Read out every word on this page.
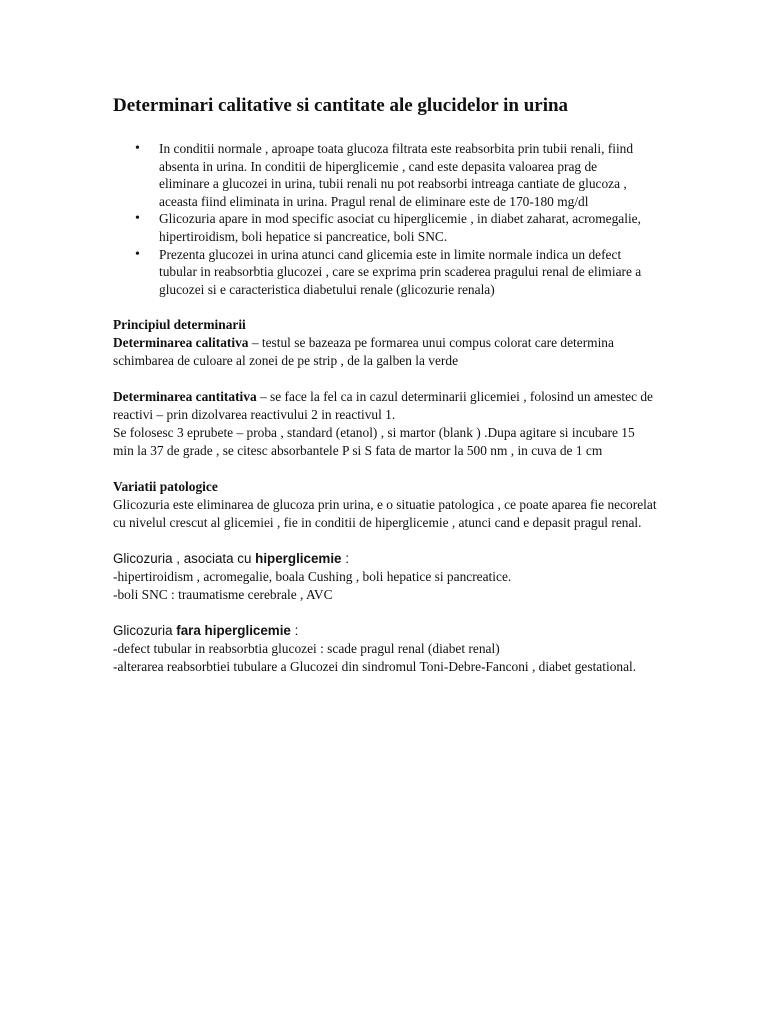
Determinari calitative si cantitate ale glucidelor in urina
• In conditii normale , aproape toata glucoza filtrata este reabsorbita prin tubii renali, fiind absenta in urina. In conditii de hiperglicemie , cand este depasita valoarea prag de eliminare a glucozei in urina, tubii renali nu pot reabsorbi intreaga cantiate de glucoza , aceasta fiind eliminata in urina. Pragul renal de eliminare este de 170-180 mg/dl
• Glicozuria apare in mod specific asociat cu hiperglicemie , in diabet zaharat, acromegalie, hipertiroidism, boli hepatice si pancreatice, boli SNC.
• Prezenta glucozei in urina atunci cand glicemia este in limite normale indica un defect tubular in reabsorbtia glucozei , care se exprima prin scaderea pragului renal de elimiare a glucozei si e caracteristica diabetului renale (glicozurie renala)

Principiul determinarii

Determinarea calitativa – testul se bazeaza pe formarea unui compus colorat care determina schimbarea de culoare al zonei de pe strip , de la galben la verde

Determinarea cantitativa – se face la fel ca in cazul determinarii glicemiei , folosind un amestec de reactivi – prin dizolvarea reactivului 2 in reactivul 1.

Se folosesc 3 eprubete – proba , standard (etanol) , si martor (blank ) .Dupa agitare si incubare 15 min la 37 de grade , se citesc absorbantele P si S fata de martor la 500 nm , in cuva de 1 cm

Variatii patologice

Glicozuria este eliminarea de glucoza prin urina, e o situatie patologica , ce poate aparea fie necorelat cu nivelul crescut al glicemiei , fie in conditii de hiperglicemie , atunci cand e depasit pragul renal.

Glicozuria , asociata cu hiperglicemie :

-hipertiroidism , acromegalie, boala Cushing , boli hepatice si pancreatice.

-boli SNC : traumatisme cerebrale , AVC

Glicozuria fara hiperglicemie :

-defect tubular in reabsorbtia glucozei : scade pragul renal (diabet renal)

-alterarea reabsorbtiei tubulare a Glucozei din sindromul Toni-Debre-Fanconi , diabet gestational.
